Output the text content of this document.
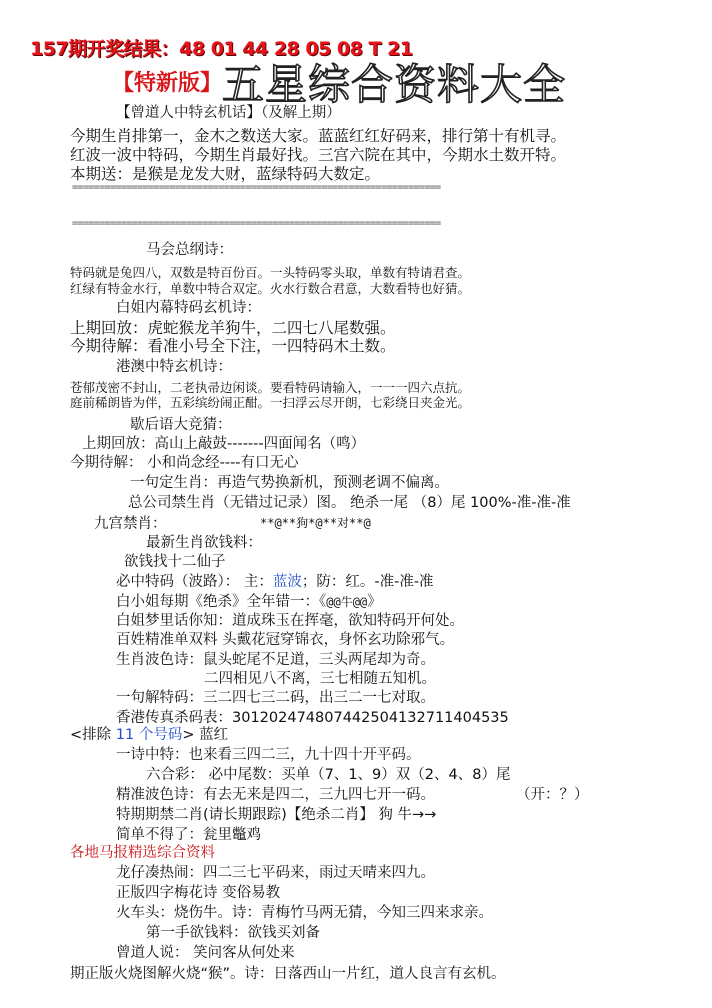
157期开奖结果：48 01 44 28 05 08 T 21
【特新版】 五星综合资料大全
【曾道人中特玄机话】（及解上期）
今期生肖排第一，金木之数送大家。蓝蓝红红好码来，排行第十有机寻。
红波一波中特码，今期生肖最好找。三宫六院在其中，今期水土数开特。
本期送：是猴是龙发大财，蓝绿特码大数定。
====================================================================
====================================================================
马会总纲诗：
特码就是兔四八，双数是特百份百。一头特码零头取，单数有特请君查。
红绿有特金水行，单数中特合双定。火水行数合君意，大数看特也好猜。
白姐内幕特码玄机诗：
上期回放：虎蛇猴龙羊狗牛，二四七八尾数强。
今期待解：看准小号全下注，一四特码木土数。
港澳中特玄机诗：
苍郁茂密不封山，二老执帚边闲谈。要看特码请输入，一一一四六点抗。
庭前稀朗皆为伴，五彩缤纷闹正酣。一扫浮云尽开朗，七彩绕日夹金光。
歇后语大竞猜：
上期回放：高山上敲鼓-------四面闻名（鸣）
今期待解： 小和尚念经----有口无心
一句定生肖：再造气势换新机，预测老调不偏离。
总公司禁生肖（无错过记录）图。 绝杀一尾 （8）尾 100%-准-准-准
九宫禁肖：	**@**狗*@**对**@
最新生肖欲钱料：
欲钱找十二仙子
必中特码（波路）： 主：蓝波；防：红。-准-准-准
白小姐每期《绝杀》全年错一：《@@牛@@》
白姐梦里话你知：道成珠玉在挥毫，欲知特码开何处。
百姓精准单双料 头戴花冠穿锦衣，身怀玄功除邪气。
生肖波色诗：鼠头蛇尾不足道，三头两尾却为奇。
二四相见八不离，三七相随五知机。
一句解特码：三二四七三二码，出三二一七对取。
香港传真杀码表：30120247480744250413271140453​5
<排除 11 个号码> 蓝红
一诗中特：也来看三四二三，九十四十开平码。
六合彩： 必中尾数：买单（7、1、9）双（2、4、8）尾
精准波色诗：有去无来是四二，三九四七开一码。	（开：？）
特期期禁二肖(请长期跟踪)【绝杀二肖】 狗 牛→→
简单不得了：瓮里鼈鸡
各地马报精选综合资料
龙仔凑热闹：四二三七平码来，雨过天晴来四九。
正版四字梅花诗 变俗易教
火车头：烧伤牛。诗：青梅竹马两无猜，今知三四来求亲。
第一手欲钱料：欲钱买刘备
曾道人说： 笑问客从何处来
期正版火烧图解火烧“猴”。诗：日落西山一片红，道人良言有玄机。
